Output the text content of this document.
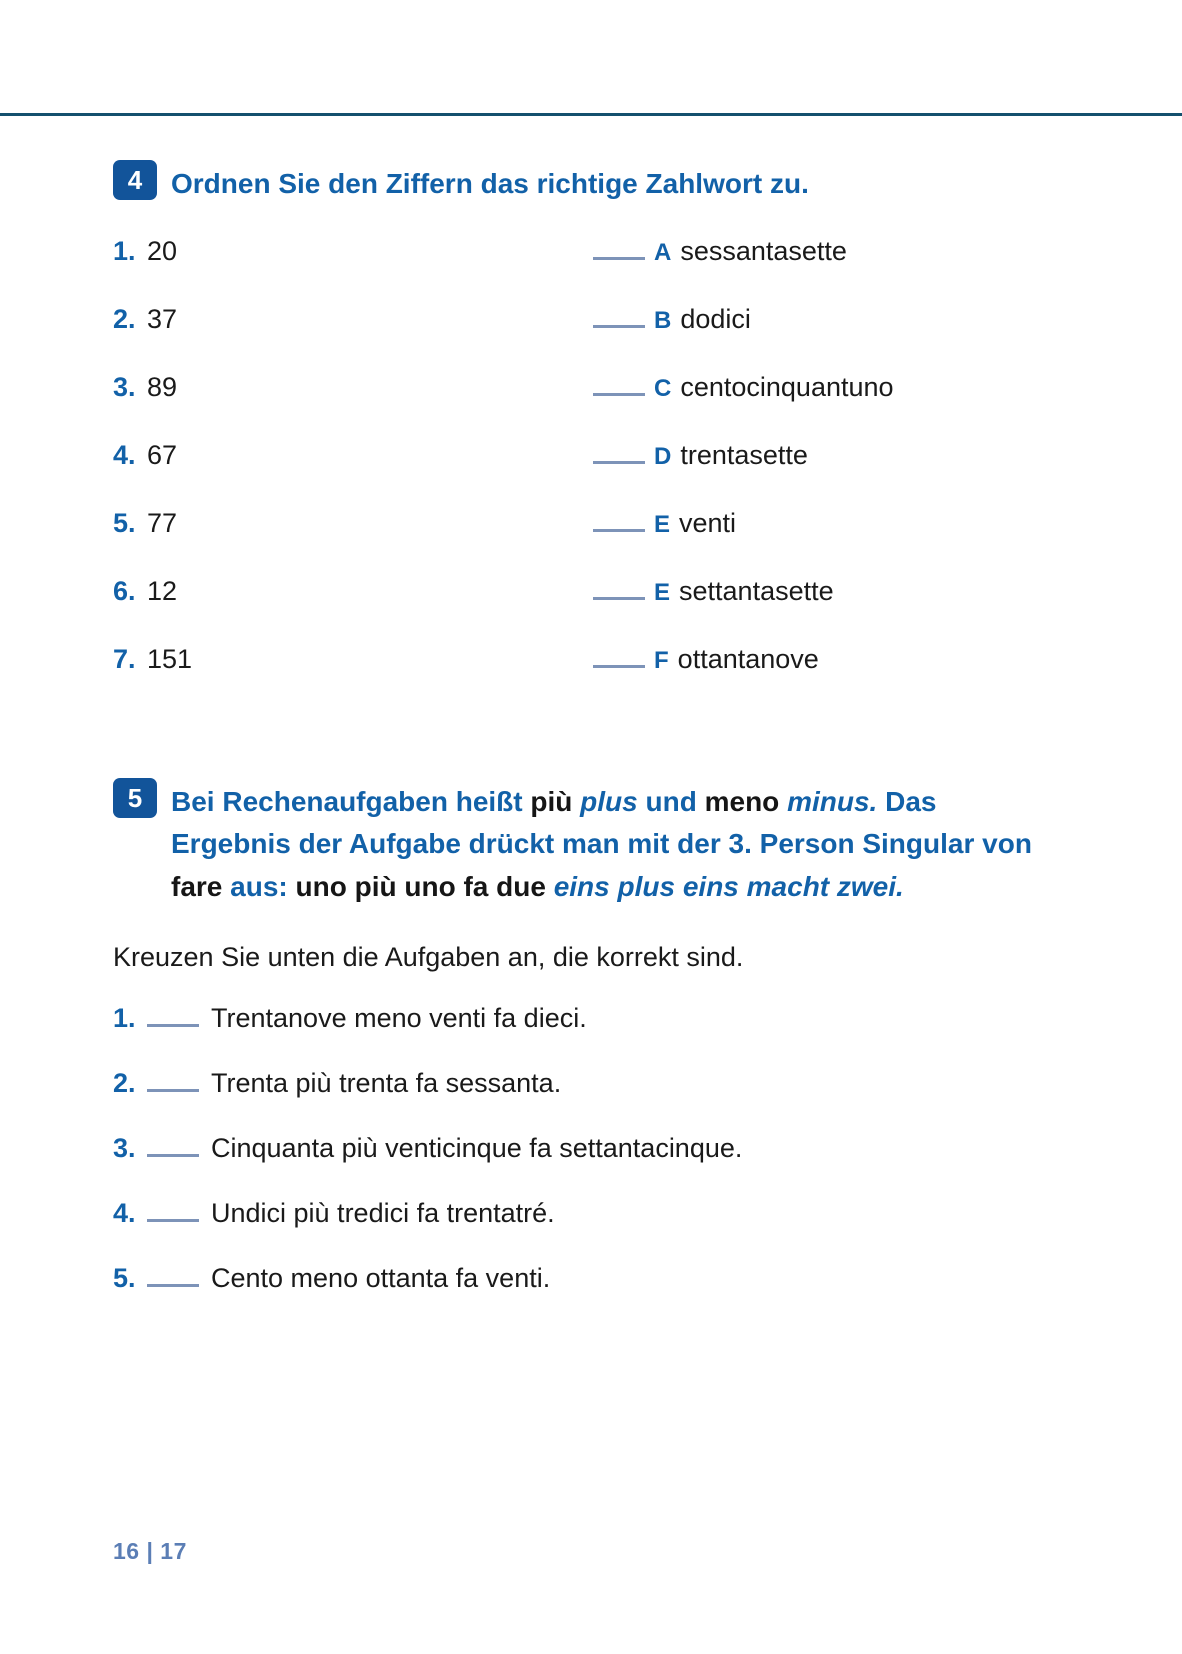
4	Ordnen Sie den Ziffern das richtige Zahlwort zu.
1. 20	A sessantasette
2. 37	B dodici
3. 89	C centocinquantuno
4. 67	D trentasette
5. 77	E venti
6. 12	E settantasette
7. 151	F ottantanove
5	Bei Rechenaufgaben heißt più plus und meno minus. Das Ergebnis der Aufgabe drückt man mit der 3. Person Singular von fare aus: uno più uno fa due eins plus eins macht zwei.
Kreuzen Sie unten die Aufgaben an, die korrekt sind.
1.	Trentanove meno venti fa dieci.
2.	Trenta più trenta fa sessanta.
3.	Cinquanta più venticinque fa settantacinque.
4.	Undici più tredici fa trentatré.
5.	Cento meno ottanta fa venti.
16 | 17
